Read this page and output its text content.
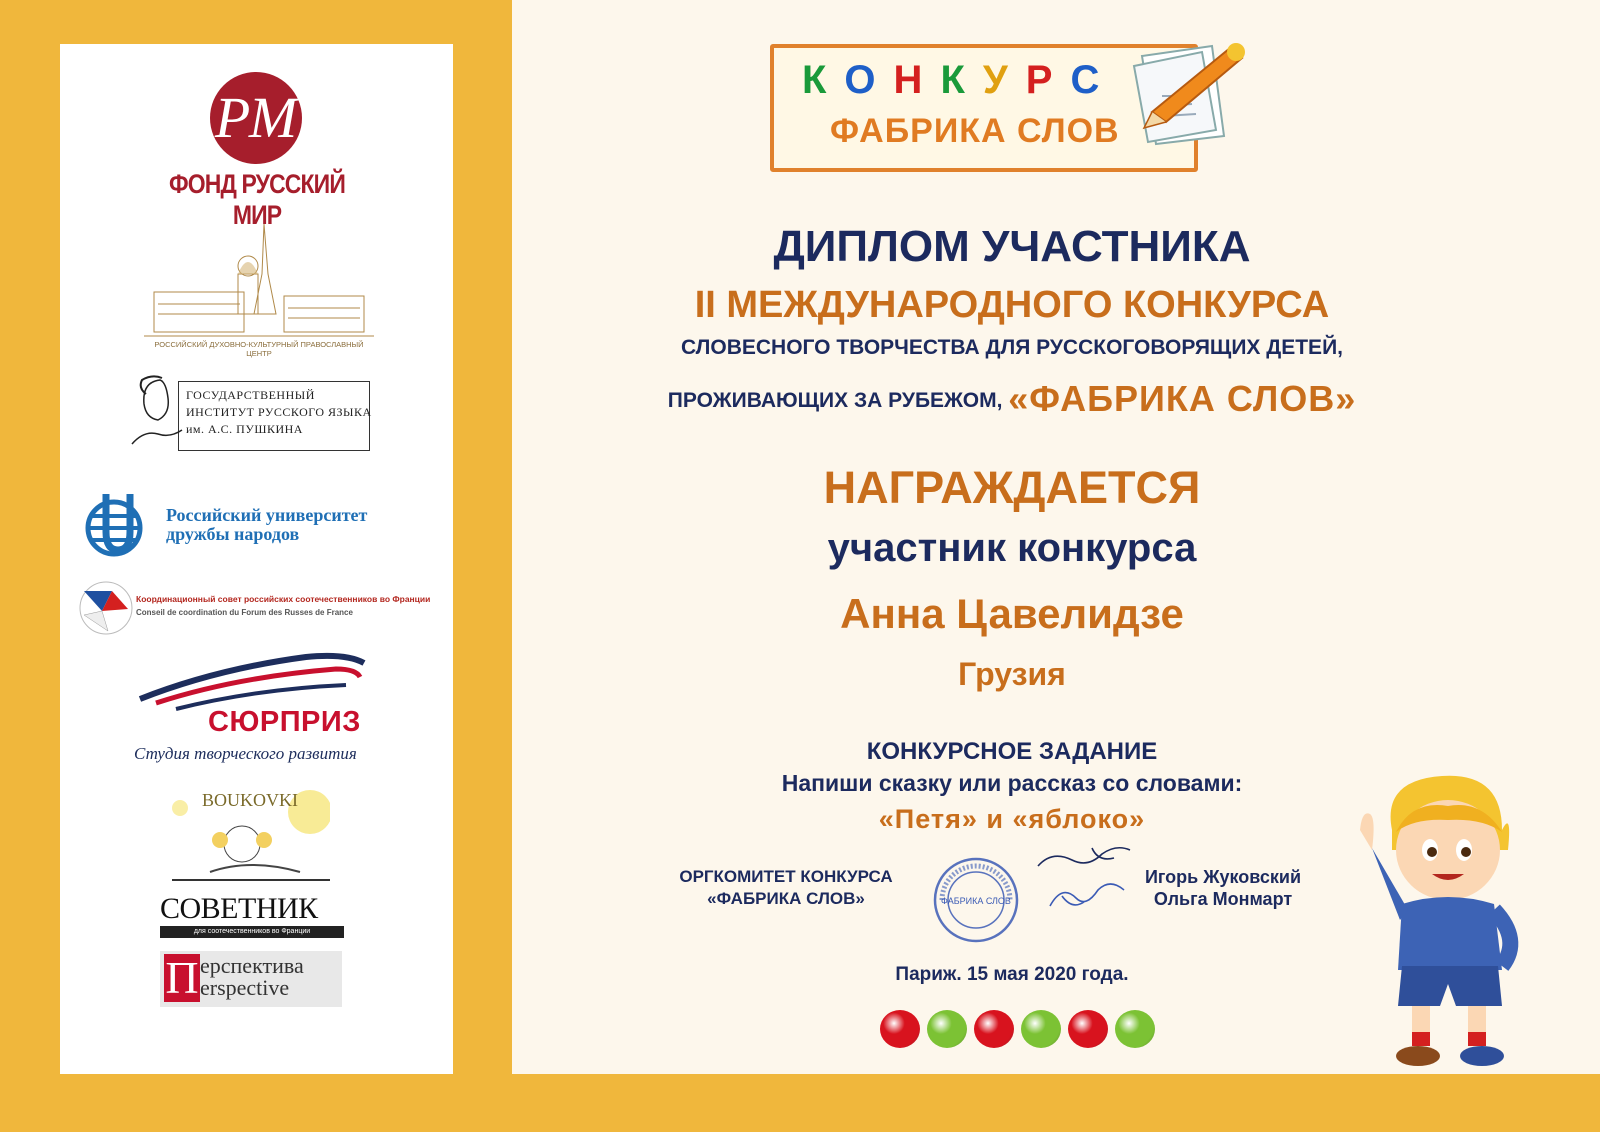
РМ
ФОНД РУССКИЙ МИР
РОССИЙСКИЙ ДУХОВНО-КУЛЬТУРНЫЙ ПРАВОСЛАВНЫЙ ЦЕНТР
ГОСУДАРСТВЕННЫЙ
ИНСТИТУТ РУССКОГО ЯЗЫКА
им. А.С. ПУШКИНА
Российский университет
дружбы народов
Координационный совет российских соотечественников во Франции
Conseil de coordination du Forum des Russes de France
СЮРПРИЗ
Студия творческого развития
BOUKOVKI
СОВЕТНИК
для соотечественников во Франции
П ерспектива
erspective
КОНКУРС
ФАБРИКА СЛОВ
ДИПЛОМ УЧАСТНИКА
II МЕЖДУНАРОДНОГО КОНКУРСА
СЛОВЕСНОГО ТВОРЧЕСТВА ДЛЯ РУССКОГОВОРЯЩИХ ДЕТЕЙ,
ПРОЖИВАЮЩИХ ЗА РУБЕЖОМ, «ФАБРИКА СЛОВ»
НАГРАЖДАЕТСЯ
участник конкурса
Анна Цавелидзе
Грузия
КОНКУРСНОЕ ЗАДАНИЕ
Напиши сказку или рассказ со словами:
«Петя» и «яблоко»
ОРГКОМИТЕТ КОНКУРСА
«ФАБРИКА СЛОВ»	ФАБРИКА СЛОВ
Игорь Жуковский
Ольга Монмарт
Париж. 15 мая 2020 года.
